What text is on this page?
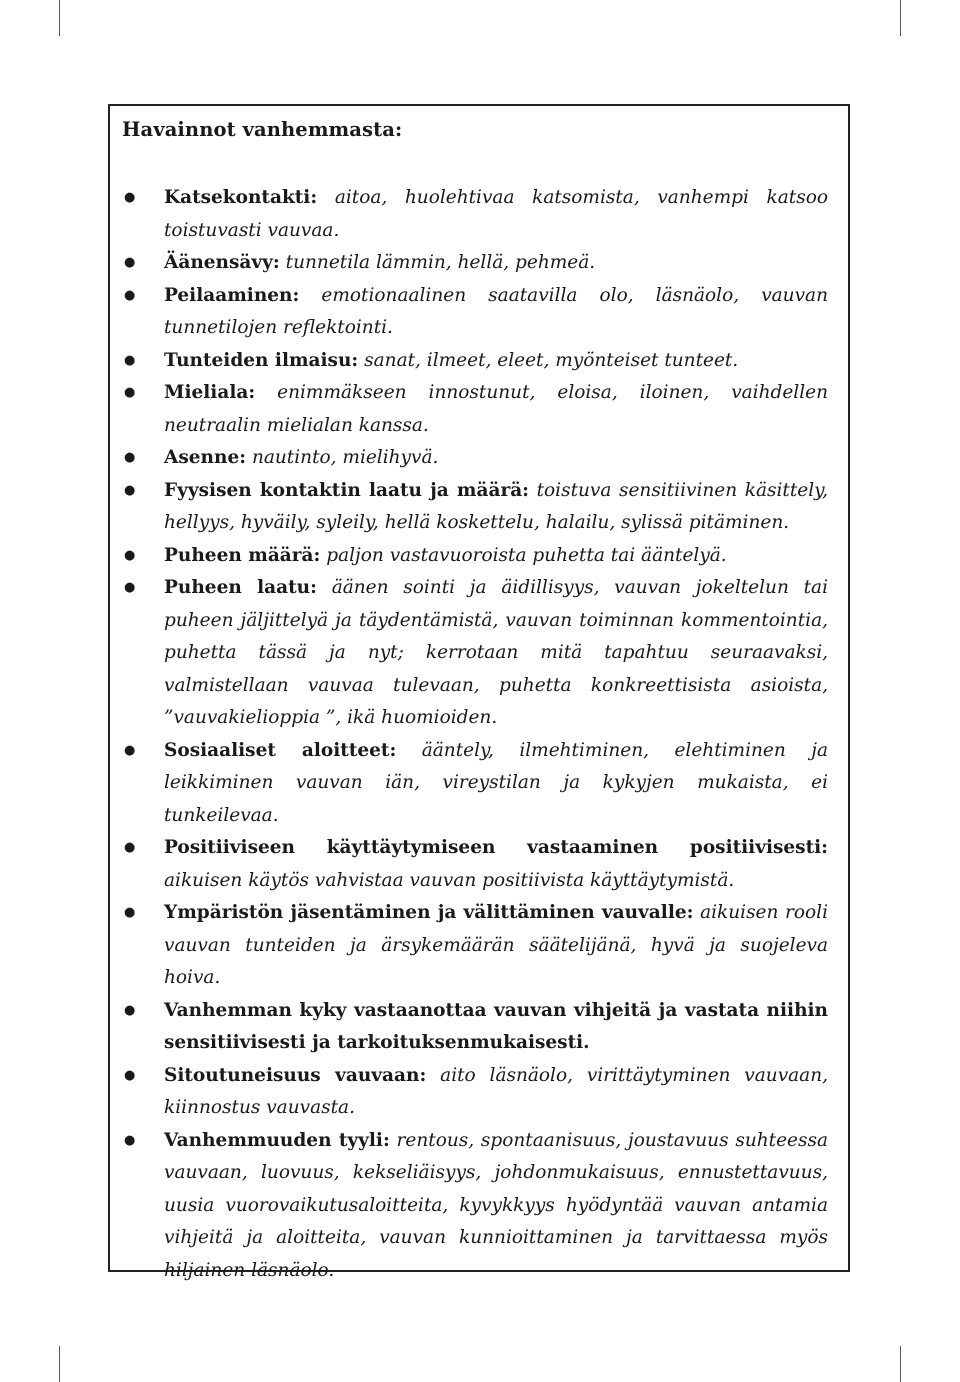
Havainnot vanhemmasta:
● Katsekontakti: aitoa, huolehtivaa katsomista, vanhempi katsoo toistuvasti vauvaa.
● Äänensävy: tunnetila lämmin, hellä, pehmeä.
● Peilaaminen: emotionaalinen saatavilla olo, läsnäolo, vauvan tunnetilojen reflektointi.
● Tunteiden ilmaisu: sanat, ilmeet, eleet, myönteiset tunteet.
● Mieliala: enimmäkseen innostunut, eloisa, iloinen, vaihdellen neutraalin mielialan kanssa.
● Asenne: nautinto, mielihyvä.
● Fyysisen kontaktin laatu ja määrä: toistuva sensitiivinen käsittely, hellyys, hyväily, syleily, hellä koskettelu, halailu, sylissä pitäminen.
● Puheen määrä: paljon vastavuoroista puhetta tai ääntelyä.
● Puheen laatu: äänen sointi ja äidillisyys, vauvan jokeltelun tai puheen jäljittelyä ja täydentämistä, vauvan toiminnan kommentointia, puhetta tässä ja nyt; kerrotaan mitä tapahtuu seuraavaksi, valmistellaan vauvaa tulevaan, puhetta konkreettisista asioista, ”vauvakielioppia ”, ikä huomioiden.
● Sosiaaliset aloitteet: ääntely, ilmehtiminen, elehtiminen ja leikkiminen vauvan iän, vireystilan ja kykyjen mukaista, ei tunkeilevaa.
● Positiiviseen käyttäytymiseen vastaaminen positiivisesti: aikuisen käytös vahvistaa vauvan positiivista käyttäytymistä.
● Ympäristön jäsentäminen ja välittäminen vauvalle: aikuisen rooli vauvan tunteiden ja ärsykemäärän säätelijänä, hyvä ja suojeleva hoiva.
● Vanhemman kyky vastaanottaa vauvan vihjeitä ja vastata niihin sensitiivisesti ja tarkoituksenmukaisesti.
● Sitoutuneisuus vauvaan: aito läsnäolo, virittäytyminen vauvaan, kiinnostus vauvasta.
● Vanhemmuuden tyyli: rentous, spontaanisuus, joustavuus suhteessa vauvaan, luovuus, kekseliäisyys, johdonmukaisuus, ennustettavuus, uusia vuorovaikutusaloitteita, kyvykkyys hyödyntää vauvan antamia vihjeitä ja aloitteita, vauvan kunnioittaminen ja tarvittaessa myös hiljainen läsnäolo.
